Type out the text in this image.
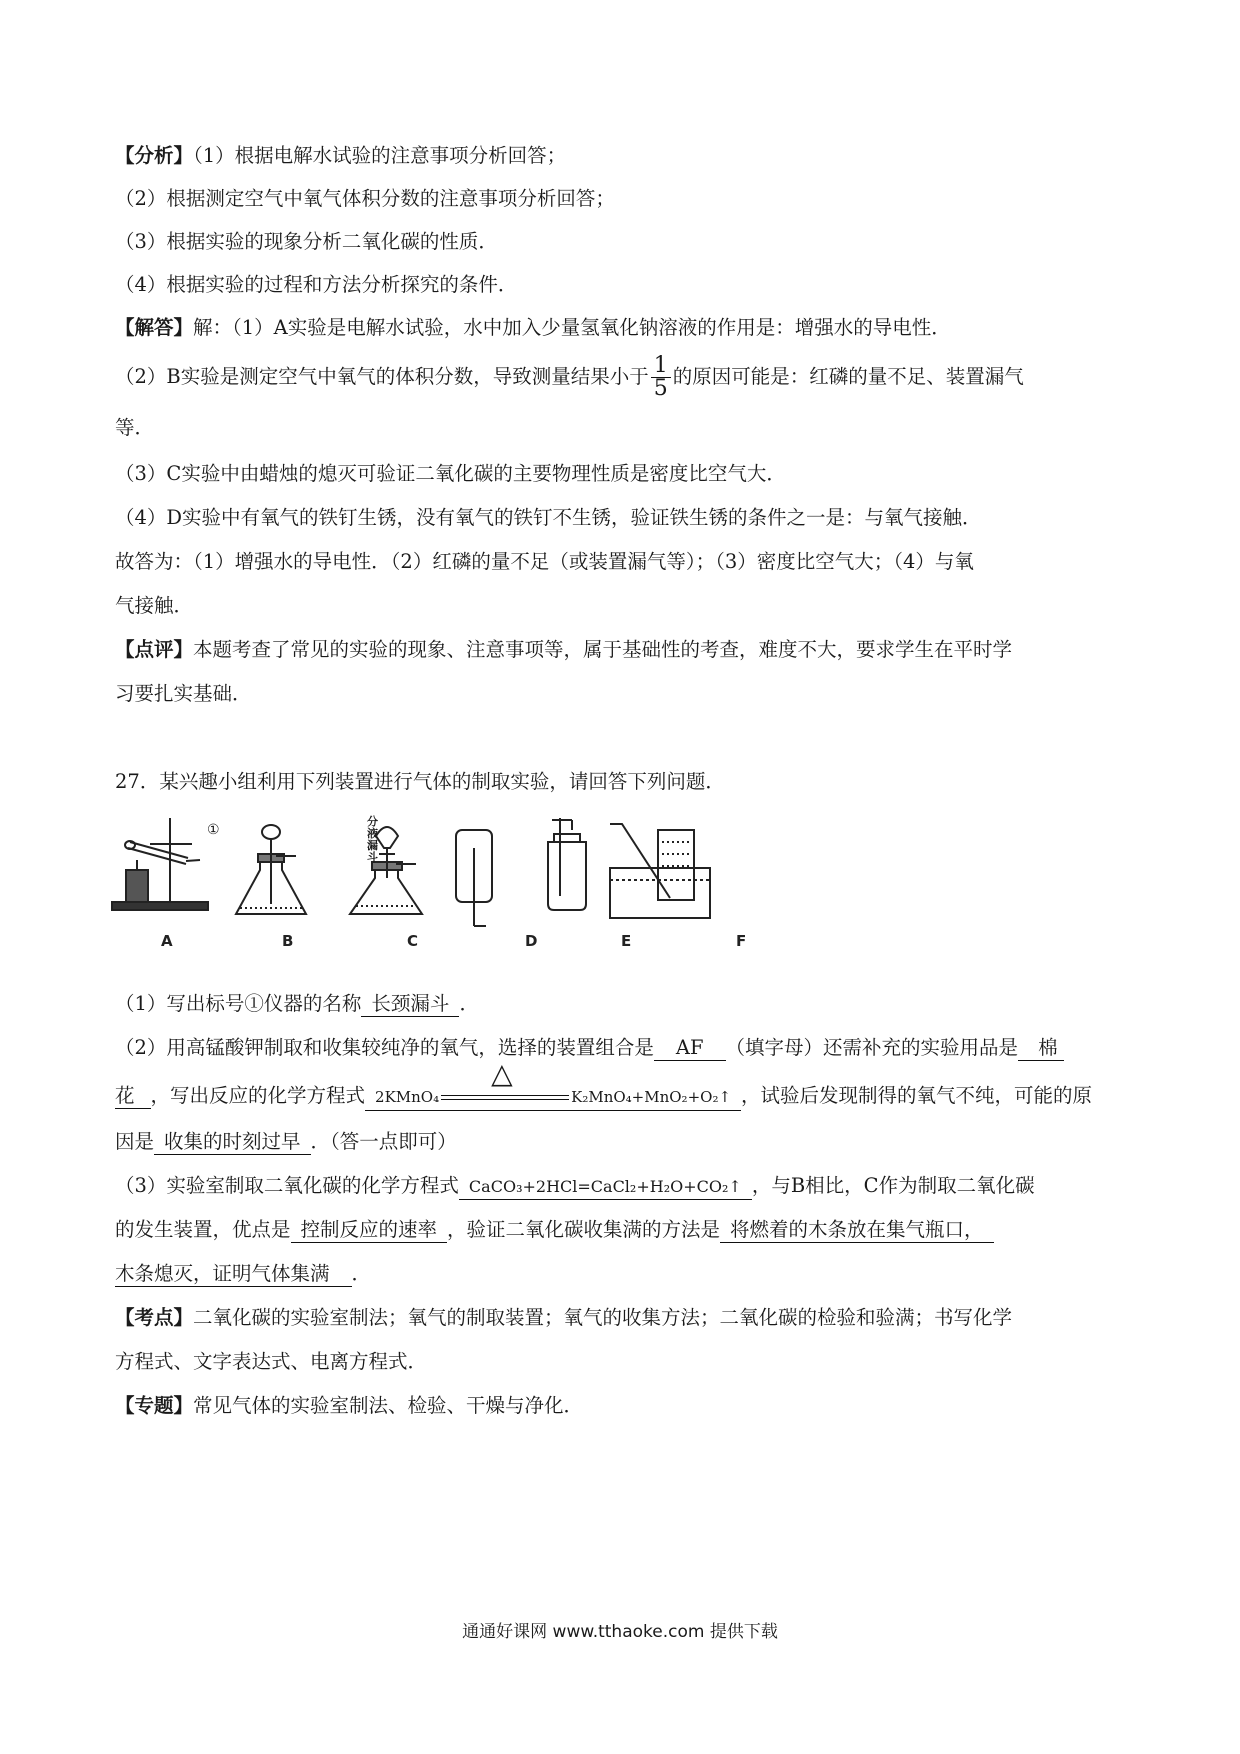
【分析】（1）根据电解水试验的注意事项分析回答；
（2）根据测定空气中氧气体积分数的注意事项分析回答；
（3）根据实验的现象分析二氧化碳的性质．
（4）根据实验的过程和方法分析探究的条件．
【解答】解：（1）A实验是电解水试验，水中加入少量氢氧化钠溶液的作用是：增强水的导电性．
（2）B实验是测定空气中氧气的体积分数，导致测量结果小于 $\frac{1}{5}$ 的原因可能是：红磷的量不足、装置漏气
等．
（3）C实验中由蜡烛的熄灭可验证二氧化碳的主要物理性质是密度比空气大．
（4）D实验中有氧气的铁钉生锈，没有氧气的铁钉不生锈，验证铁生锈的条件之一是：与氧气接触．
故答为：（1）增强水的导电性．（2）红磷的量不足（或装置漏气等）；（3）密度比空气大；（4）与氧
气接触．
【点评】本题考查了常见的实验的现象、注意事项等，属于基础性的考查，难度不大，要求学生在平时学
习要扎实基础．
27．某兴趣小组利用下列装置进行气体的制取实验，请回答下列问题．
①
分液漏斗
A	B	C	D	E	F
（1）写出标号①仪器的名称 长颈漏斗 ．
（2）用高锰酸钾制取和收集较纯净的氧气，选择的装置组合是 AF （填字母）还需补充的实验用品是 棉
花 ，写出反应的化学方程式 2KMnO₄
△
K₂MnO₄+MnO₂+O₂↑ ，试验后发现制得的氧气不纯，可能的原
因是 收集的时刻过早 ．（答一点即可）
（3）实验室制取二氧化碳的化学方程式 CaCO₃+2HCl=CaCl₂+H₂O+CO₂↑ ，与B相比，C作为制取二氧化碳
的发生装置，优点是 控制反应的速率 ，验证二氧化碳收集满的方法是 将燃着的木条放在集气瓶口，
木条熄灭，证明气体集满 ．
【考点】二氧化碳的实验室制法；氧气的制取装置；氧气的收集方法；二氧化碳的检验和验满；书写化学
方程式、文字表达式、电离方程式．
【专题】常见气体的实验室制法、检验、干燥与净化．
通通好课网 www.tthaoke.com 提供下载
